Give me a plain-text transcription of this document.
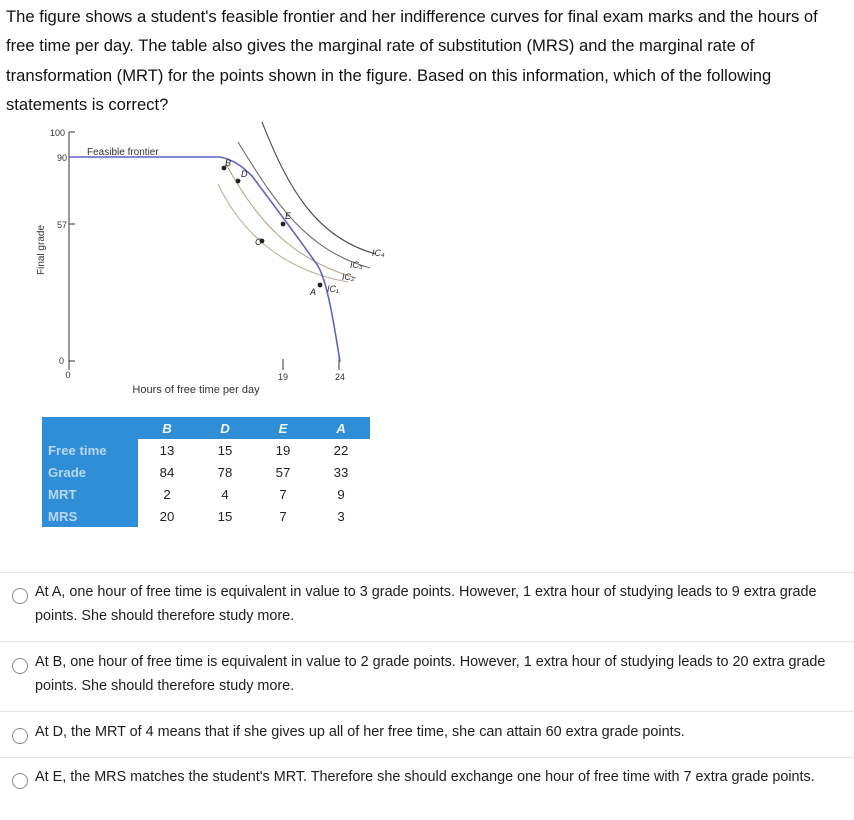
The figure shows a student's feasible frontier and her indifference curves for final exam marks and the hours of free time per day. The table also gives the marginal rate of substitution (MRS) and the marginal rate of transformation (MRT) for the points shown in the figure. Based on this information, which of the following statements is correct?
100
90
57
0
0	19	24
Final grade
Hours of free time per day
Feasible frontier
B
D
E
C
A
IC₄
IC₃
IC₂
IC₁
	B	D	E	A
Free time	13	15	19	22
Grade	84	78	57	33
MRT	2	4	7	9
MRS	20	15	7	3
At A, one hour of free time is equivalent in value to 3 grade points. However, 1 extra hour of studying leads to 9 extra grade points. She should therefore study more.
At B, one hour of free time is equivalent in value to 2 grade points. However, 1 extra hour of studying leads to 20 extra grade points. She should therefore study more.
At D, the MRT of 4 means that if she gives up all of her free time, she can attain 60 extra grade points.
At E, the MRS matches the student's MRT. Therefore she should exchange one hour of free time with 7 extra grade points.
